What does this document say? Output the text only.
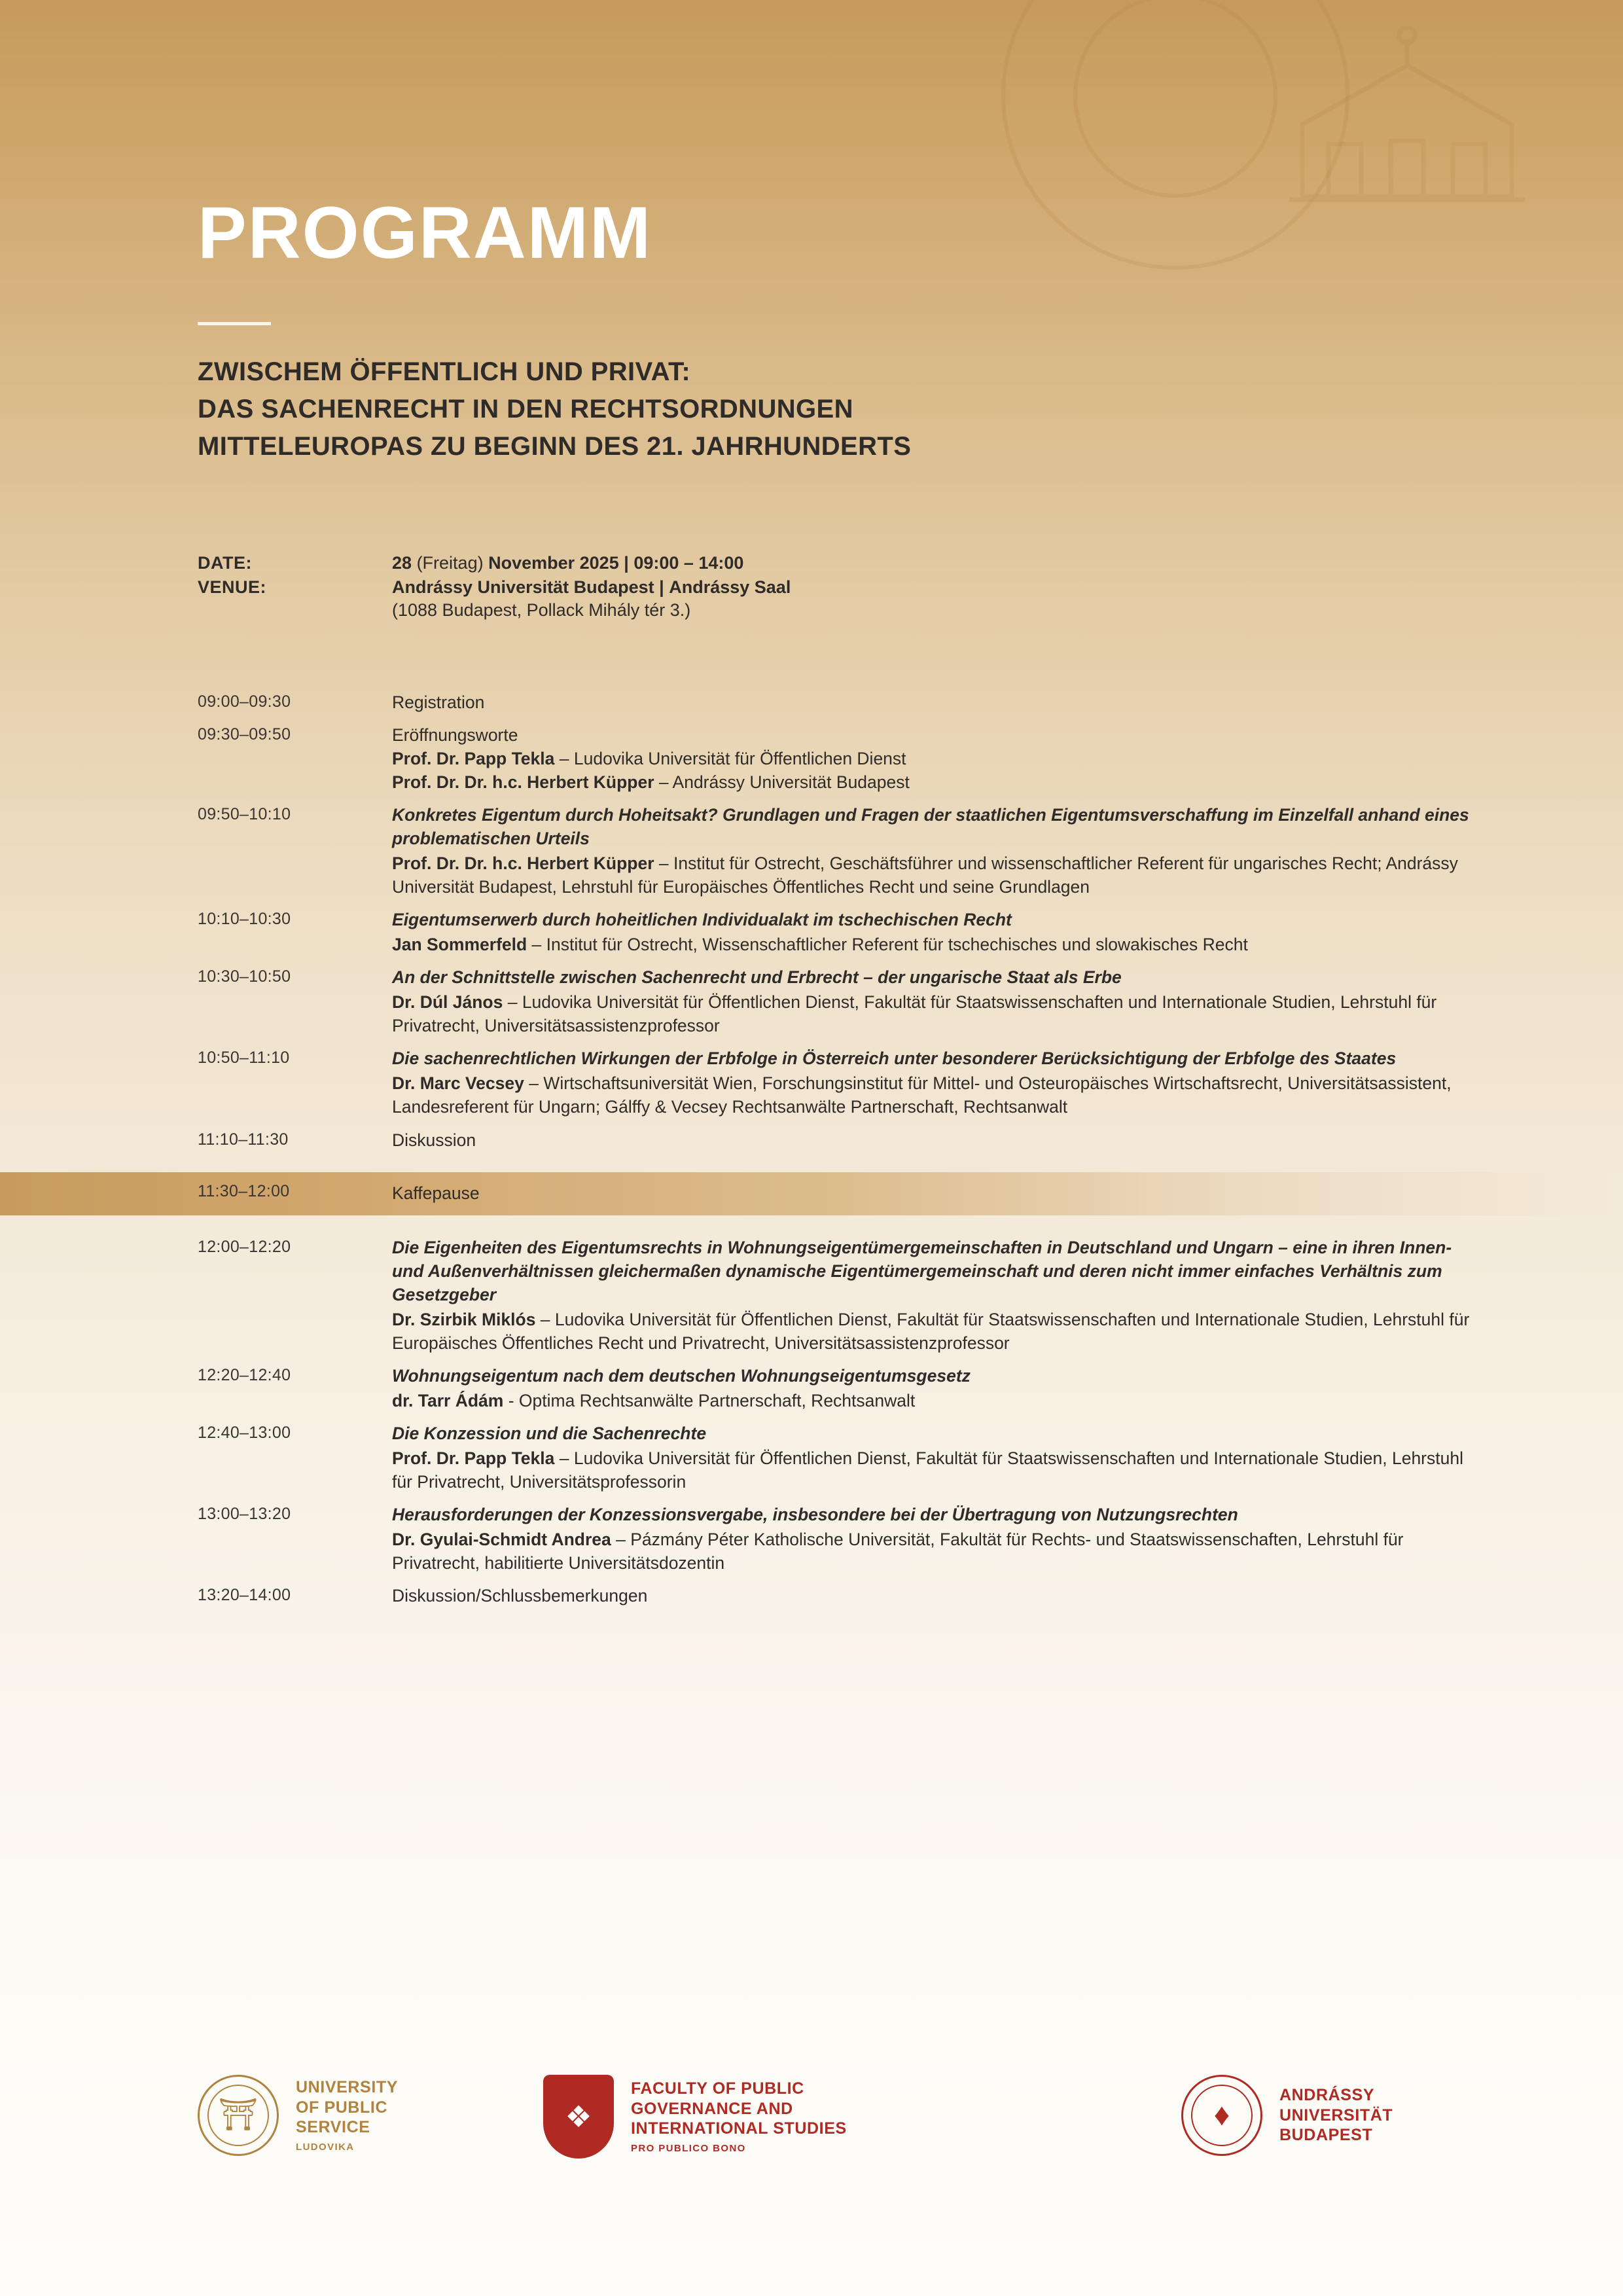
PROGRAMM
ZWISCHEM ÖFFENTLICH UND PRIVAT:
DAS SACHENRECHT IN DEN RECHTSORDNUNGEN
MITTELEUROPAS ZU BEGINN DES 21. JAHRHUNDERTS
DATE:	28 (Freitag) November 2025 | 09:00 – 14:00
VENUE:	Andrássy Universität Budapest | Andrássy Saal
(1088 Budapest, Pollack Mihály tér 3.)
09:00–09:30	Registration
09:30–09:50	Eröffnungsworte
Prof. Dr. Papp Tekla – Ludovika Universität für Öffentlichen Dienst
Prof. Dr. Dr. h.c. Herbert Küpper – Andrássy Universität Budapest
09:50–10:10	Konkretes Eigentum durch Hoheitsakt? Grundlagen und Fragen der staatlichen Eigentumsverschaffung im Einzelfall anhand eines problematischen Urteils
Prof. Dr. Dr. h.c. Herbert Küpper – Institut für Ostrecht, Geschäftsführer und wissenschaftlicher Referent für ungarisches Recht; Andrássy Universität Budapest, Lehrstuhl für Europäisches Öffentliches Recht und seine Grundlagen
10:10–10:30	Eigentumserwerb durch hoheitlichen Individualakt im tschechischen Recht
Jan Sommerfeld – Institut für Ostrecht, Wissenschaftlicher Referent für tschechisches und slowakisches Recht
10:30–10:50	An der Schnittstelle zwischen Sachenrecht und Erbrecht – der ungarische Staat als Erbe
Dr. Dúl János – Ludovika Universität für Öffentlichen Dienst, Fakultät für Staatswissenschaften und Internationale Studien, Lehrstuhl für Privatrecht, Universitätsassistenzprofessor
10:50–11:10	Die sachenrechtlichen Wirkungen der Erbfolge in Österreich unter besonderer Berücksichtigung der Erbfolge des Staates
Dr. Marc Vecsey – Wirtschaftsuniversität Wien, Forschungsinstitut für Mittel- und Osteuropäisches Wirtschaftsrecht, Universitätsassistent, Landesreferent für Ungarn; Gálffy & Vecsey Rechtsanwälte Partnerschaft, Rechtsanwalt
11:10–11:30	Diskussion
11:30–12:00	Kaffepause
12:00–12:20	Die Eigenheiten des Eigentumsrechts in Wohnungseigentümergemeinschaften in Deutschland und Ungarn – eine in ihren Innen- und Außenverhältnissen gleichermaßen dynamische Eigentümergemeinschaft und deren nicht immer einfaches Verhältnis zum Gesetzgeber
Dr. Szirbik Miklós – Ludovika Universität für Öffentlichen Dienst, Fakultät für Staatswissenschaften und Internationale Studien, Lehrstuhl für Europäisches Öffentliches Recht und Privatrecht, Universitätsassistenzprofessor
12:20–12:40	Wohnungseigentum nach dem deutschen Wohnungseigentumsgesetz
dr. Tarr Ádám - Optima Rechtsanwälte Partnerschaft, Rechtsanwalt
12:40–13:00	Die Konzession und die Sachenrechte
Prof. Dr. Papp Tekla – Ludovika Universität für Öffentlichen Dienst, Fakultät für Staatswissenschaften und Internationale Studien, Lehrstuhl für Privatrecht, Universitätsprofessorin
13:00–13:20	Herausforderungen der Konzessionsvergabe, insbesondere bei der Übertragung von Nutzungsrechten
Dr. Gyulai-Schmidt Andrea – Pázmány Péter Katholische Universität, Fakultät für Rechts- und Staatswissenschaften, Lehrstuhl für Privatrecht, habilitierte Universitätsdozentin
13:20–14:00	Diskussion/Schlussbemerkungen
⛩
UNIVERSITY
OF PUBLIC
SERVICE
LUDOVIKA
❖
FACULTY OF PUBLIC
GOVERNANCE AND
INTERNATIONAL STUDIES
PRO PUBLICO BONO
♦
ANDRÁSSY
UNIVERSITÄT
BUDAPEST
